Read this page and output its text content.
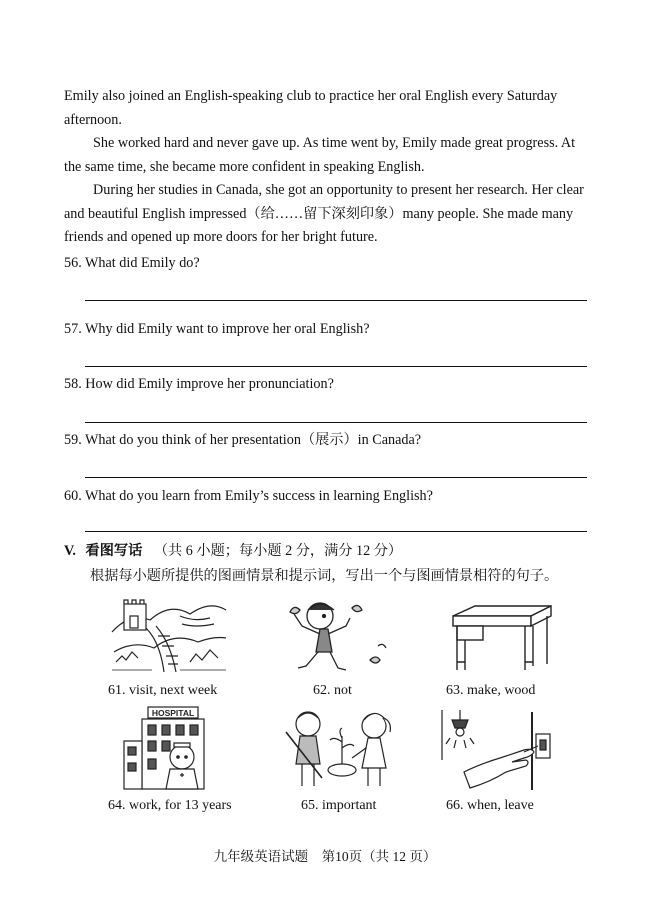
Emily also joined an English-speaking club to practice her oral English every Saturday afternoon.

She worked hard and never gave up. As time went by, Emily made great progress. At the same time, she became more confident in speaking English.

During her studies in Canada, she got an opportunity to present her research. Her clear and beautiful English impressed（给……留下深刻印象）many people. She made many friends and opened up more doors for her bright future.

56. What did Emily do?

57. Why did Emily want to improve her oral English?

58. How did Emily improve her pronunciation?

59. What do you think of her presentation（展示）in Canada?

60. What do you learn from Emily’s success in learning English?

V. 看图写话 （共 6 小题；每小题 2 分，满分 12 分）
根据每小题所提供的图画情景和提示词，写出一个与图画情景相符的句子。
61. visit, next week	62. not	63. make, wood
HOSPITAL
64. work, for 13 years	65. important	66. when, leave
九年级英语试题　第10页（共 12 页）
